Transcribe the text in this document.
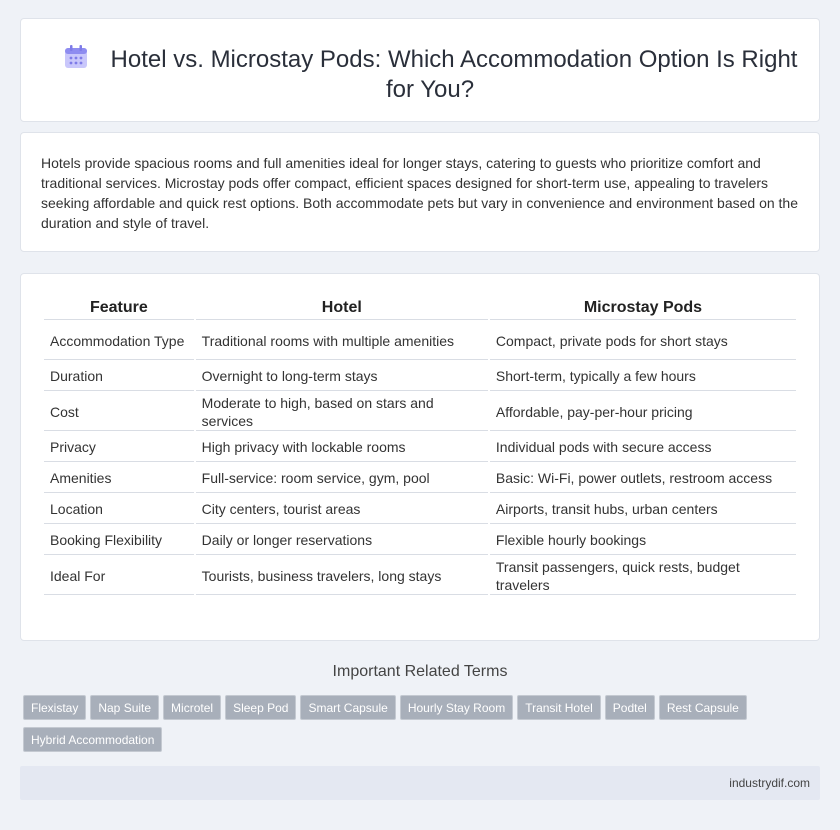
Hotel vs. Microstay Pods: Which Accommodation Option Is Right for You?

Hotels provide spacious rooms and full amenities ideal for longer stays, catering to guests who prioritize comfort and traditional services. Microstay pods offer compact, efficient spaces designed for short-term use, appealing to travelers seeking affordable and quick rest options. Both accommodate pets but vary in convenience and environment based on the duration and style of travel.

Feature	Hotel	Microstay Pods
Accommodation Type	Traditional rooms with multiple amenities	Compact, private pods for short stays
Duration	Overnight to long-term stays	Short-term, typically a few hours
Cost	Moderate to high, based on stars and services	Affordable, pay-per-hour pricing
Privacy	High privacy with lockable rooms	Individual pods with secure access
Amenities	Full-service: room service, gym, pool	Basic: Wi-Fi, power outlets, restroom access
Location	City centers, tourist areas	Airports, transit hubs, urban centers
Booking Flexibility	Daily or longer reservations	Flexible hourly bookings
Ideal For	Tourists, business travelers, long stays	Transit passengers, quick rests, budget travelers
Important Related Terms
Flexistay Nap Suite Microtel Sleep Pod Smart Capsule Hourly Stay Room Transit Hotel Podtel Rest CapsuleHybrid Accommodation
industrydif.com
